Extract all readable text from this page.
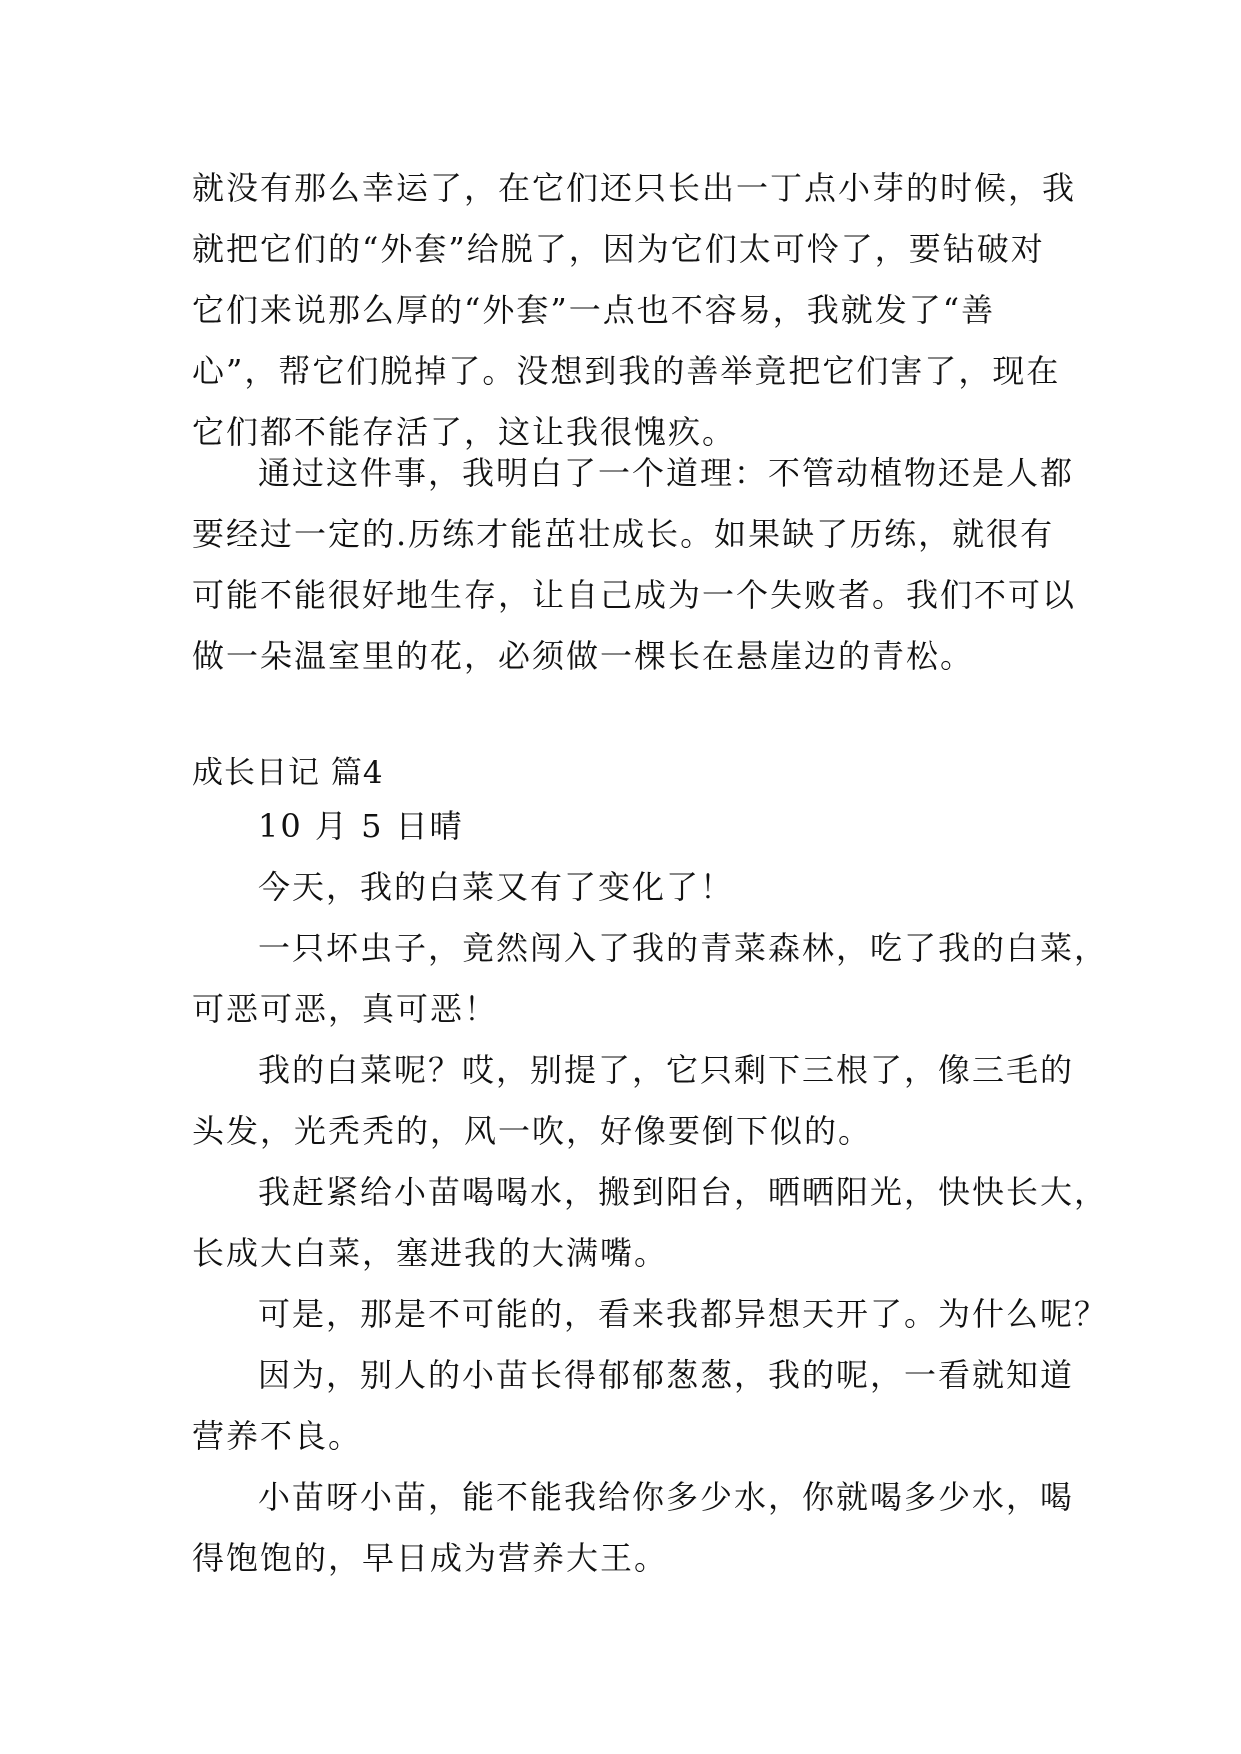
就没有那么幸运了，在它们还只长出一丁点小芽的时候，我
就把它们的“外套”给脱了，因为它们太可怜了，要钻破对
它们来说那么厚的“外套”一点也不容易，我就发了“善
心”，帮它们脱掉了。没想到我的善举竟把它们害了，现在
它们都不能存活了，这让我很愧疚。
通过这件事，我明白了一个道理：不管动植物还是人都
要经过一定的.历练才能茁壮成长。如果缺了历练，就很有
可能不能很好地生存，让自己成为一个失败者。我们不可以
做一朵温室里的花，必须做一棵长在悬崖边的青松。
成长日记 篇4
10 月 5 日晴
今天，我的白菜又有了变化了！
一只坏虫子，竟然闯入了我的青菜森林，吃了我的白菜，
可恶可恶，真可恶！
我的白菜呢？哎，别提了，它只剩下三根了，像三毛的
头发，光秃秃的，风一吹，好像要倒下似的。
我赶紧给小苗喝喝水，搬到阳台，晒晒阳光，快快长大，
长成大白菜，塞进我的大满嘴。
可是，那是不可能的，看来我都异想天开了。为什么呢？
因为，别人的小苗长得郁郁葱葱，我的呢，一看就知道
营养不良。
小苗呀小苗，能不能我给你多少水，你就喝多少水，喝
得饱饱的，早日成为营养大王。
